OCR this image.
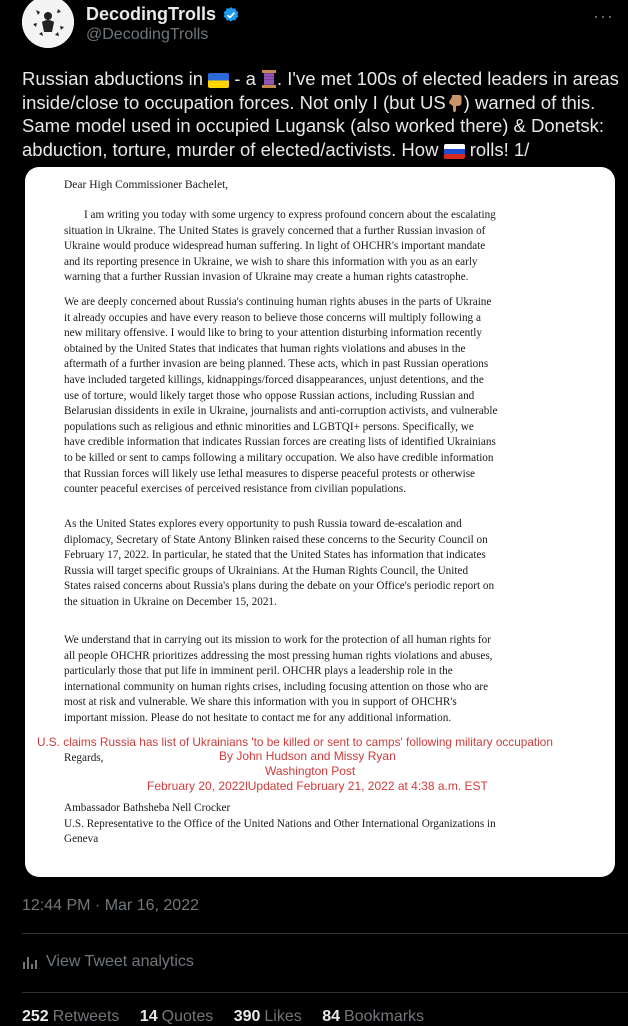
DecodingTrolls
@DecodingTrolls
···
Russian abductions in  - a . I've met 100s of elected leaders in areas
inside/close to occupation forces. Not only I (but US ) warned of this.
Same model used in occupied Lugansk (also worked there) & Donetsk:
abduction, torture, murder of elected/activists. How  rolls! 1/
Dear High Commissioner Bachelet,
I am writing you today with some urgency to express profound concern about the escalating
situation in Ukraine. The United States is gravely concerned that a further Russian invasion of
Ukraine would produce widespread human suffering. In light of OHCHR's important mandate
and its reporting presence in Ukraine, we wish to share this information with you as an early
warning that a further Russian invasion of Ukraine may create a human rights catastrophe.
We are deeply concerned about Russia's continuing human rights abuses in the parts of Ukraine
it already occupies and have every reason to believe those concerns will multiply following a
new military offensive. I would like to bring to your attention disturbing information recently
obtained by the United States that indicates that human rights violations and abuses in the
aftermath of a further invasion are being planned. These acts, which in past Russian operations
have included targeted killings, kidnappings/forced disappearances, unjust detentions, and the
use of torture, would likely target those who oppose Russian actions, including Russian and
Belarusian dissidents in exile in Ukraine, journalists and anti-corruption activists, and vulnerable
populations such as religious and ethnic minorities and LGBTQI+ persons. Specifically, we
have credible information that indicates Russian forces are creating lists of identified Ukrainians
to be killed or sent to camps following a military occupation. We also have credible information
that Russian forces will likely use lethal measures to disperse peaceful protests or otherwise
counter peaceful exercises of perceived resistance from civilian populations.
As the United States explores every opportunity to push Russia toward de-escalation and
diplomacy, Secretary of State Antony Blinken raised these concerns to the Security Council on
February 17, 2022. In particular, he stated that the United States has information that indicates
Russia will target specific groups of Ukrainians. At the Human Rights Council, the United
States raised concerns about Russia's plans during the debate on your Office's periodic report on
the situation in Ukraine on December 15, 2021.
We understand that in carrying out its mission to work for the protection of all human rights for
all people OHCHR prioritizes addressing the most pressing human rights violations and abuses,
particularly those that put life in imminent peril. OHCHR plays a leadership role in the
international community on human rights crises, including focusing attention on those who are
most at risk and vulnerable. We share this information with you in support of OHCHR's
important mission. Please do not hesitate to contact me for any additional information.
U.S. claims Russia has list of Ukrainians 'to be killed or sent to camps' following military occupation
Regards,	By John Hudson and Missy Ryan
Washington Post
February 20, 2022lUpdated February 21, 2022 at 4:38 a.m. EST
Ambassador Bathsheba Nell Crocker
U.S. Representative to the Office of the United Nations and Other International Organizations in
Geneva
12:44 PM · Mar 16, 2022
View Tweet analytics
252 Retweets 14 Quotes 390 Likes 84 Bookmarks
